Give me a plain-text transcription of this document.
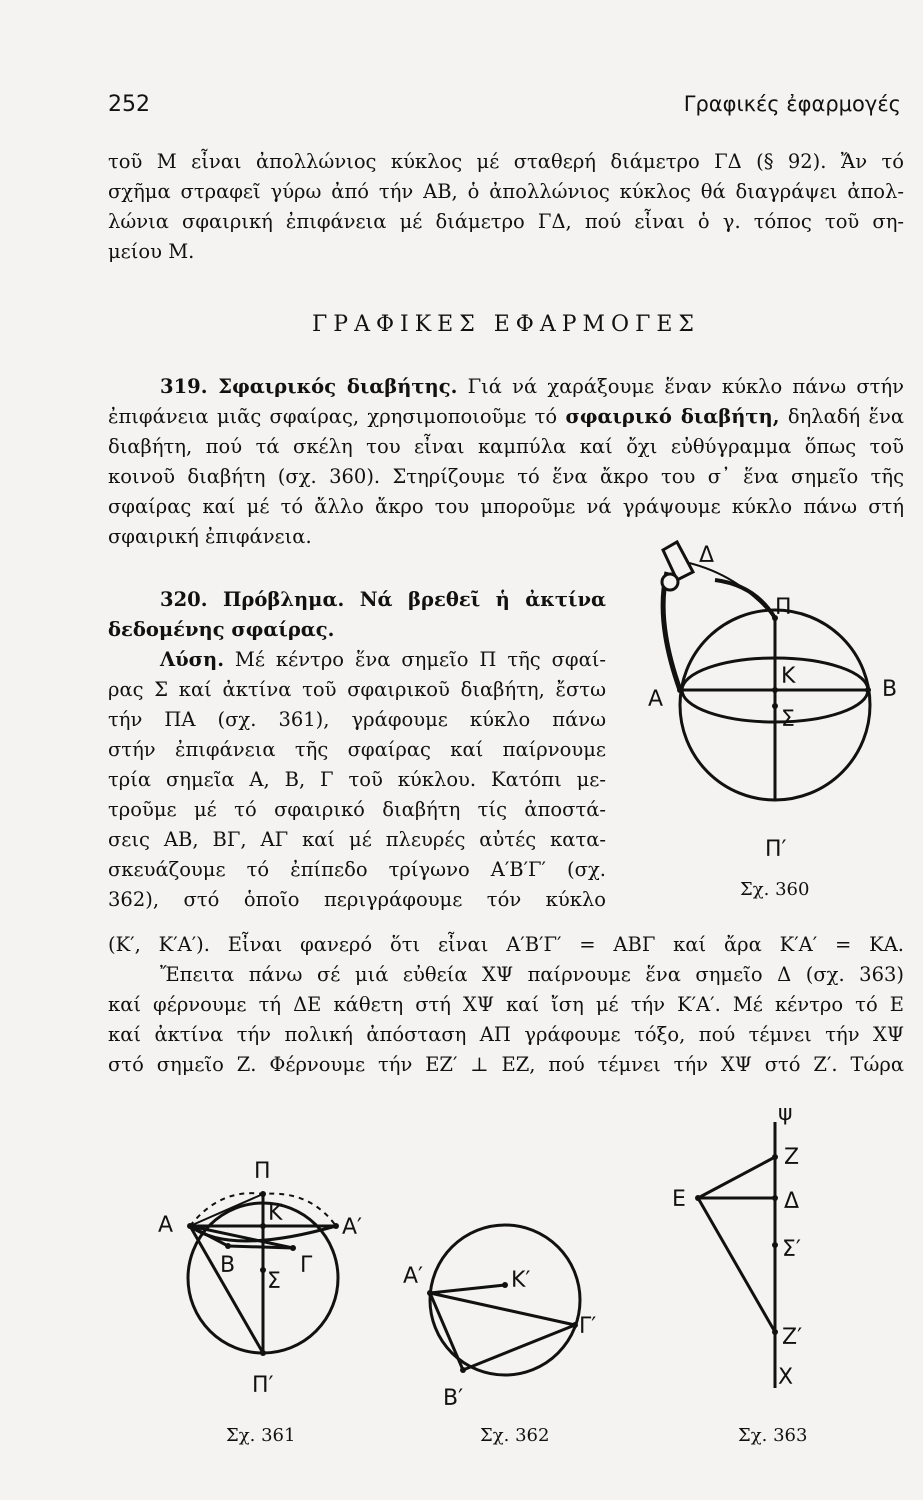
252	Γραφικές ἐφαρμογές
τοῦ M εἶναι ἀπολλώνιος κύκλος μέ σταθερή διάμετρο ΓΔ (§ 92). Ἄν τό
σχῆμα στραφεῖ γύρω ἀπό τήν AB, ὁ ἀπολλώνιος κύκλος θά διαγράψει ἀπολ-
λώνια σφαιρική ἐπιφάνεια μέ διάμετρο ΓΔ, πού εἶναι ὁ γ. τόπος τοῦ ση-
μείου M.
ΓΡΑΦΙΚΕΣ ΕΦΑΡΜΟΓΕΣ
319. Σφαιρικός διαβήτης. Γιά νά χαράξουμε ἕναν κύκλο πάνω στήν
ἐπιφάνεια μιᾶς σφαίρας, χρησιμοποιοῦμε τό σφαιρικό διαβήτη, δηλαδή ἕνα
διαβήτη, πού τά σκέλη του εἶναι καμπύλα καί ὄχι εὐθύγραμμα ὅπως τοῦ
κοινοῦ διαβήτη (σχ. 360). Στηρίζουμε τό ἕνα ἄκρο του σ᾽ ἕνα σημεῖο τῆς
σφαίρας καί μέ τό ἄλλο ἄκρο του μποροῦμε νά γράψουμε κύκλο πάνω στή
σφαιρική ἐπιφάνεια.
320. Πρόβλημα. Νά βρεθεῖ ἡ ἀκτίνα
δεδομένης σφαίρας.
Λύση. Μέ κέντρο ἕνα σημεῖο Π τῆς σφαί-
ρας Σ καί ἀκτίνα τοῦ σφαιρικοῦ διαβήτη, ἔστω
τήν ΠΑ (σχ. 361), γράφουμε κύκλο πάνω
στήν ἐπιφάνεια τῆς σφαίρας καί παίρνουμε
τρία σημεῖα Α, Β, Γ τοῦ κύκλου. Κατόπι με-
τροῦμε μέ τό σφαιρικό διαβήτη τίς ἀποστά-
σεις ΑΒ, ΒΓ, ΑΓ καί μέ πλευρές αὐτές κατα-
σκευάζουμε τό ἐπίπεδο τρίγωνο Α′Β′Γ′ (σχ.
362), στό ὁποῖο περιγράφουμε τόν κύκλο
(Κ′, Κ′Α′). Εἶναι φανερό ὅτι εἶναι Α′Β′Γ′ = ΑΒΓ καί ἄρα Κ′Α′ = ΚΑ.
Ἔπειτα πάνω σέ μιά εὐθεία ΧΨ παίρνουμε ἕνα σημεῖο Δ (σχ. 363)
καί φέρνουμε τή ΔΕ κάθετη στή ΧΨ καί ἴση μέ τήν Κ′Α′. Μέ κέντρο τό Ε
καί ἀκτίνα τήν πολική ἀπόσταση ΑΠ γράφουμε τόξο, πού τέμνει τήν ΧΨ
στό σημεῖο Ζ. Φέρνουμε τήν ΕΖ′ ⊥ ΕΖ, πού τέμνει τήν ΧΨ στό Ζ′. Τώρα
Δ
Π
Κ
Α	Β
Σ
Π′
Σχ. 360
Π
Α	Κ
Α′
Β
Σ
Γ
Π′
Σχ. 361
Α′	Κ′
Γ′
Β′
Σχ. 362
ψ
Ζ
Ε	Δ
Σ′
Ζ′
Χ
Σχ. 363
